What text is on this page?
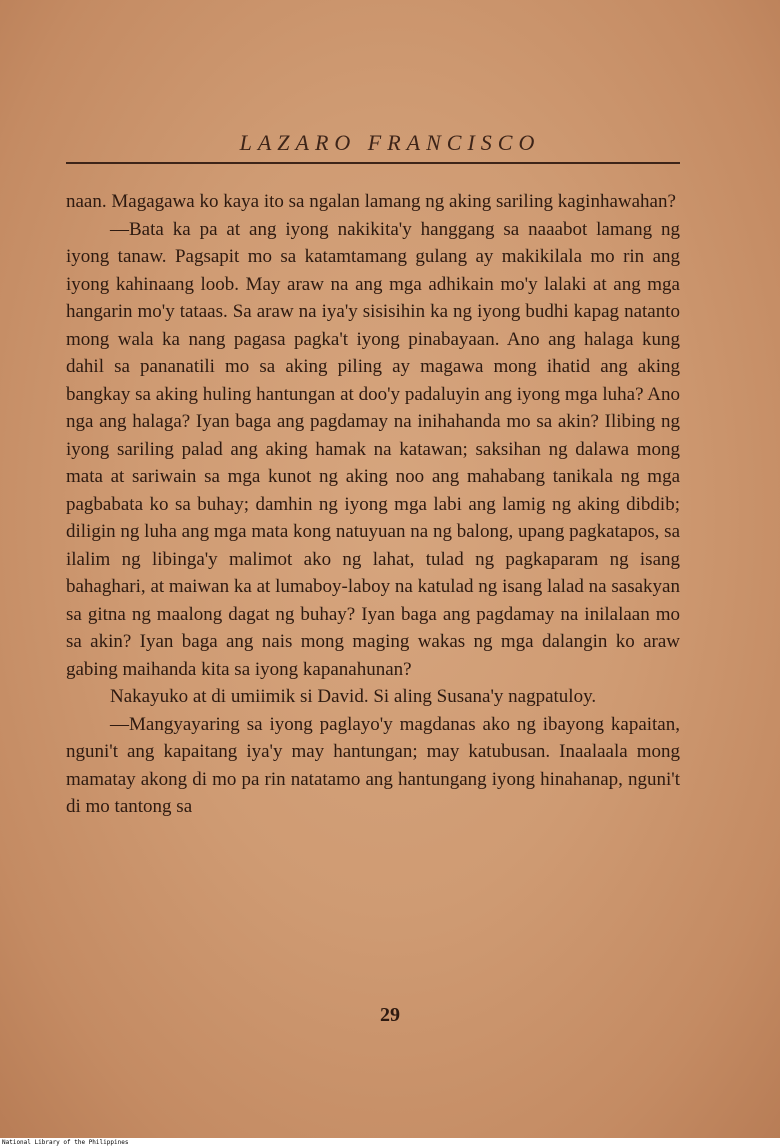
LAZARO FRANCISCO

naan. Magagawa ko kaya ito sa ngalan lamang ng aking sariling kaginhawahan?

—Bata ka pa at ang iyong nakikita'y hanggang sa naaabot lamang ng iyong tanaw. Pagsapit mo sa katamtamang gulang ay makikilala mo rin ang iyong kahinaang loob. May araw na ang mga adhikain mo'y lalaki at ang mga hangarin mo'y tataas. Sa araw na iya'y sisisihin ka ng iyong budhi kapag natanto mong wala ka nang pagasa pagka't iyong pinabayaan. Ano ang halaga kung dahil sa pananatili mo sa aking piling ay magawa mong ihatid ang aking bangkay sa aking huling hantungan at doo'y padaluyin ang iyong mga luha? Ano nga ang halaga? Iyan baga ang pagdamay na inihahanda mo sa akin? Ilibing ng iyong sariling palad ang aking hamak na katawan; saksihan ng dalawa mong mata at sariwain sa mga kunot ng aking noo ang mahabang tanikala ng mga pagbabata ko sa buhay; damhin ng iyong mga labi ang lamig ng aking dibdib; diligin ng luha ang mga mata kong natuyuan na ng balong, upang pagkatapos, sa ilalim ng libinga'y malimot ako ng lahat, tulad ng pagkaparam ng isang bahaghari, at maiwan ka at lumaboy-laboy na katulad ng isang lalad na sasakyan sa gitna ng maalong dagat ng buhay? Iyan baga ang pagdamay na inilalaan mo sa akin? Iyan baga ang nais mong maging wakas ng mga dalangin ko araw gabing maihanda kita sa iyong kapanahunan?

Nakayuko at di umiimik si David. Si aling Susana'y nagpatuloy.

—Mangyayaring sa iyong paglayo'y magdanas ako ng ibayong kapaitan, nguni't ang kapaitang iya'y may hantungan; may katubusan. Inaalaala mong mamatay akong di mo pa rin natatamo ang hantungang iyong hinahanap, nguni't di mo tantong sa

29
National Library of the Philippines
